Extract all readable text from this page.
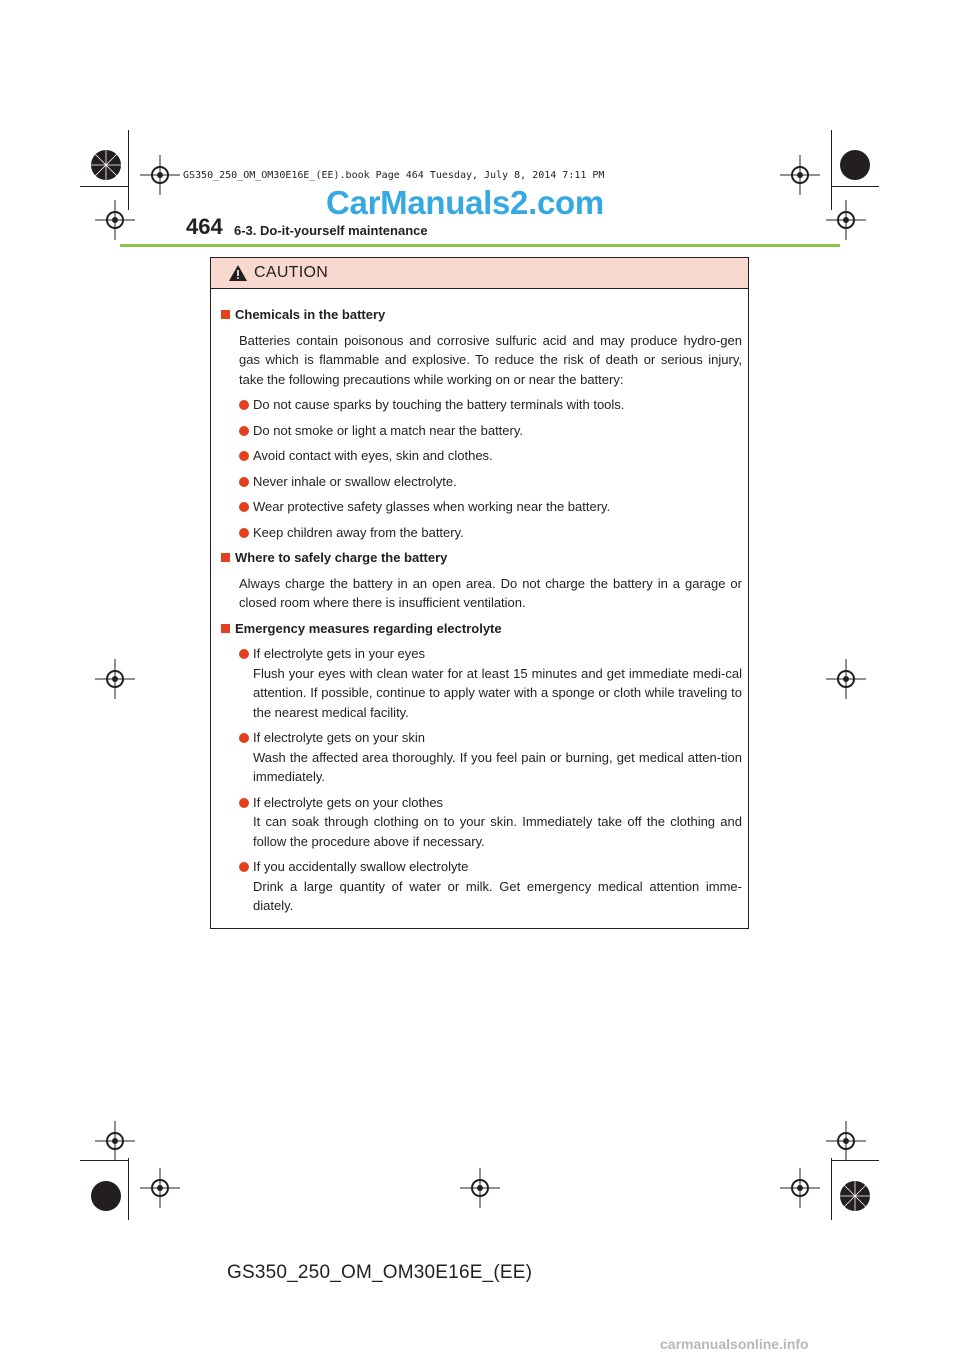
GS350_250_OM_OM30E16E_(EE).book Page 464 Tuesday, July 8, 2014 7:11 PM
CarManuals2.com
464 6-3. Do-it-yourself maintenance
CAUTION
Chemicals in the battery
Batteries contain poisonous and corrosive sulfuric acid and may produce hydro-gen gas which is flammable and explosive. To reduce the risk of death or serious injury, take the following precautions while working on or near the battery:
Do not cause sparks by touching the battery terminals with tools.
Do not smoke or light a match near the battery.
Avoid contact with eyes, skin and clothes.
Never inhale or swallow electrolyte.
Wear protective safety glasses when working near the battery.
Keep children away from the battery.
Where to safely charge the battery
Always charge the battery in an open area. Do not charge the battery in a garage or closed room where there is insufficient ventilation.
Emergency measures regarding electrolyte
If electrolyte gets in your eyes
Flush your eyes with clean water for at least 15 minutes and get immediate medi-cal attention. If possible, continue to apply water with a sponge or cloth while traveling to the nearest medical facility.
If electrolyte gets on your skin
Wash the affected area thoroughly. If you feel pain or burning, get medical atten-tion immediately.
If electrolyte gets on your clothes
It can soak through clothing on to your skin. Immediately take off the clothing and follow the procedure above if necessary.
If you accidentally swallow electrolyte
Drink a large quantity of water or milk. Get emergency medical attention imme-diately.
GS350_250_OM_OM30E16E_(EE)
carmanualsonline.info
